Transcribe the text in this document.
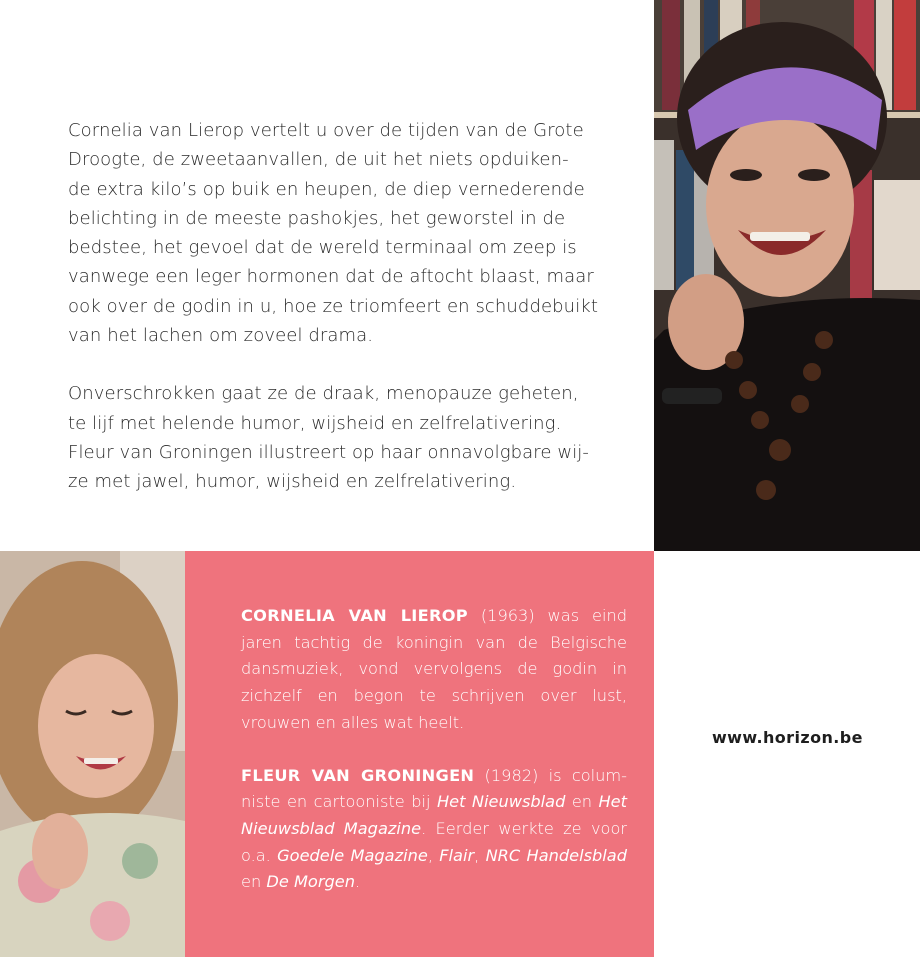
Cornelia van Lierop vertelt u over de tijden van de Grote
Droogte, de zweetaanvallen, de uit het niets opduiken-
de extra kilo’s op buik en heupen, de diep vernederende
belichting in de meeste pashokjes, het geworstel in de
bedstee, het gevoel dat de wereld terminaal om zeep is
vanwege een leger hormonen dat de aftocht blaast, maar
ook over de godin in u, hoe ze triomfeert en schuddebuikt
van het lachen om zoveel drama.

Onverschrokken gaat ze de draak, menopauze geheten,
te lijf met helende humor, wijsheid en zelfrelativering.
Fleur van Groningen illustreert op haar onnavolgbare wij-
ze met jawel, humor, wijsheid en zelfrelativering.

CORNELIA VAN LIEROP (1963) was eind jaren tachtig de koningin van de Belgische dansmuziek, vond vervolgens de godin in zichzelf en begon te schrijven over lust, vrouwen en alles wat heelt.

FLEUR VAN GRONINGEN (1982) is columniste en cartooniste bij Het Nieuwsblad en Het Nieuwsblad Magazine. Eerder werkte ze voor o.a. Goedele Magazine, Flair, NRC Handelsblad en De Morgen.

www.horizon.be
